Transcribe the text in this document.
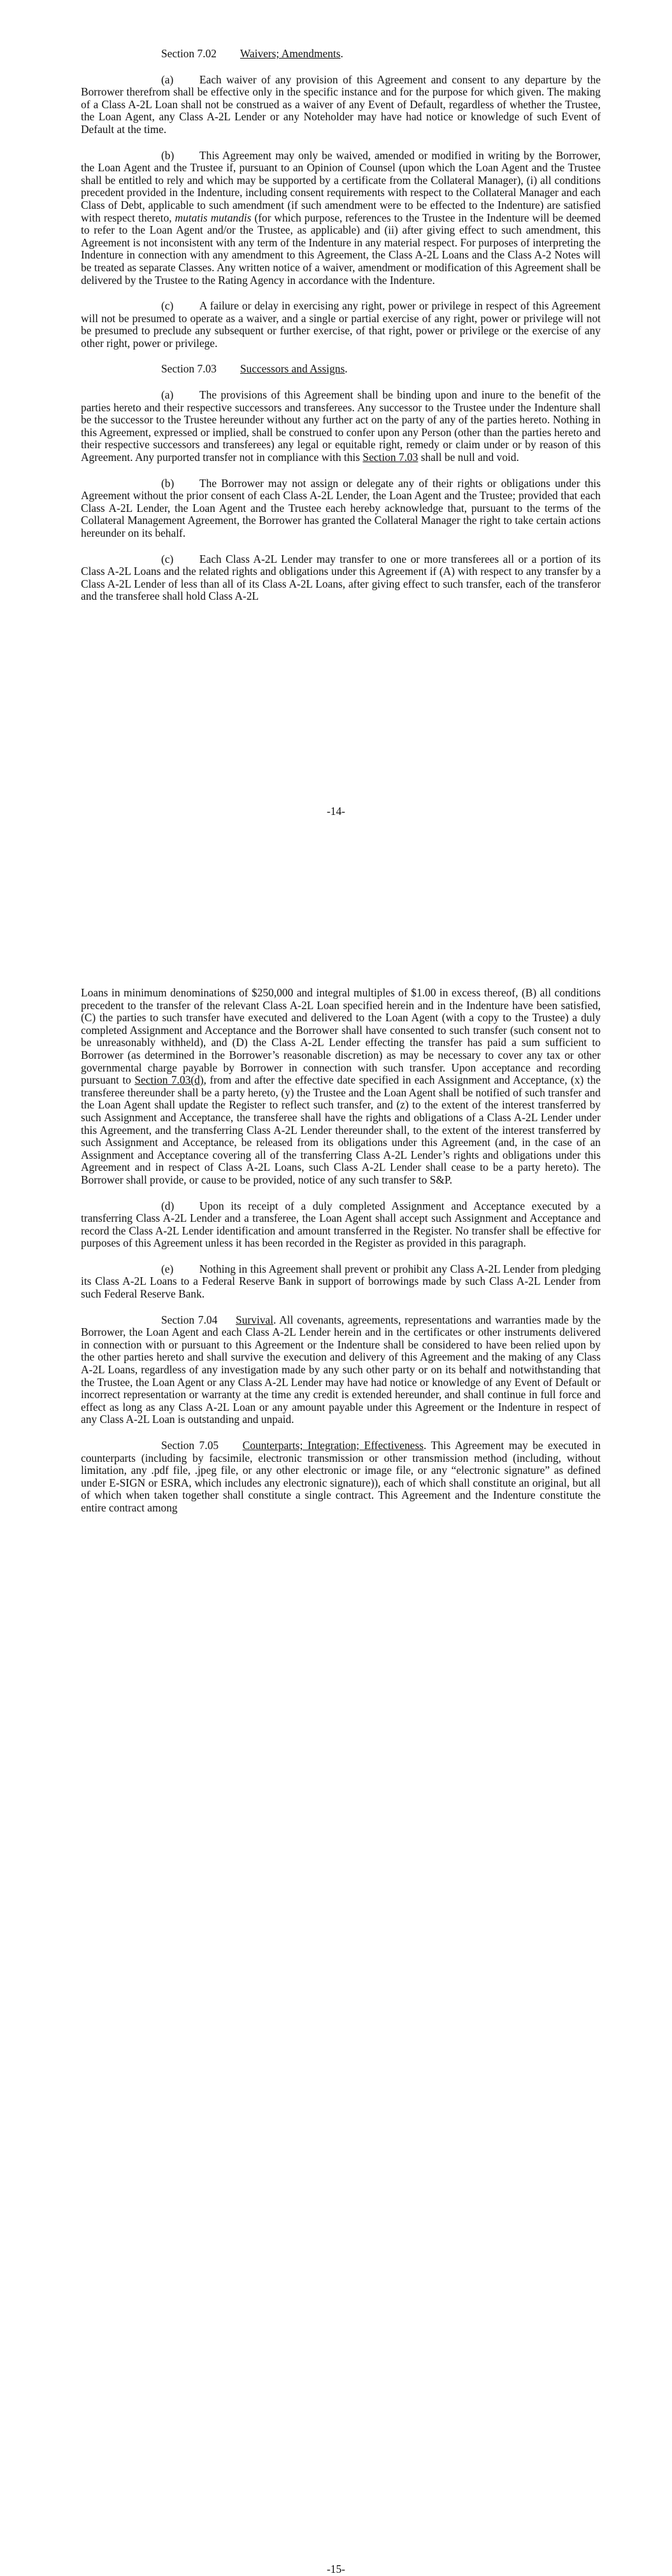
Section 7.02 Waivers; Amendments.

(a) Each waiver of any provision of this Agreement and consent to any departure by the Borrower therefrom shall be effective only in the specific instance and for the purpose for which given. The making of a Class A-2L Loan shall not be construed as a waiver of any Event of Default, regardless of whether the Trustee, the Loan Agent, any Class A-2L Lender or any Noteholder may have had notice or knowledge of such Event of Default at the time.

(b) This Agreement may only be waived, amended or modified in writing by the Borrower, the Loan Agent and the Trustee if, pursuant to an Opinion of Counsel (upon which the Loan Agent and the Trustee shall be entitled to rely and which may be supported by a certificate from the Collateral Manager), (i) all conditions precedent provided in the Indenture, including consent requirements with respect to the Collateral Manager and each Class of Debt, applicable to such amendment (if such amendment were to be effected to the Indenture) are satisfied with respect thereto, mutatis mutandis (for which purpose, references to the Trustee in the Indenture will be deemed to refer to the Loan Agent and/or the Trustee, as applicable) and (ii) after giving effect to such amendment, this Agreement is not inconsistent with any term of the Indenture in any material respect. For purposes of interpreting the Indenture in connection with any amendment to this Agreement, the Class A-2L Loans and the Class A-2 Notes will be treated as separate Classes. Any written notice of a waiver, amendment or modification of this Agreement shall be delivered by the Trustee to the Rating Agency in accordance with the Indenture.

(c) A failure or delay in exercising any right, power or privilege in respect of this Agreement will not be presumed to operate as a waiver, and a single or partial exercise of any right, power or privilege will not be presumed to preclude any subsequent or further exercise, of that right, power or privilege or the exercise of any other right, power or privilege.

Section 7.03 Successors and Assigns.

(a) The provisions of this Agreement shall be binding upon and inure to the benefit of the parties hereto and their respective successors and transferees. Any successor to the Trustee under the Indenture shall be the successor to the Trustee hereunder without any further act on the party of any of the parties hereto. Nothing in this Agreement, expressed or implied, shall be construed to confer upon any Person (other than the parties hereto and their respective successors and transferees) any legal or equitable right, remedy or claim under or by reason of this Agreement. Any purported transfer not in compliance with this Section 7.03 shall be null and void.

(b) The Borrower may not assign or delegate any of their rights or obligations under this Agreement without the prior consent of each Class A-2L Lender, the Loan Agent and the Trustee; provided that each Class A-2L Lender, the Loan Agent and the Trustee each hereby acknowledge that, pursuant to the terms of the Collateral Management Agreement, the Borrower has granted the Collateral Manager the right to take certain actions hereunder on its behalf.

(c) Each Class A-2L Lender may transfer to one or more transferees all or a portion of its Class A-2L Loans and the related rights and obligations under this Agreement if (A) with respect to any transfer by a Class A-2L Lender of less than all of its Class A-2L Loans, after giving effect to such transfer, each of the transferor and the transferee shall hold Class A-2L

-14-

Loans in minimum denominations of $250,000 and integral multiples of $1.00 in excess thereof, (B) all conditions precedent to the transfer of the relevant Class A-2L Loan specified herein and in the Indenture have been satisfied, (C) the parties to such transfer have executed and delivered to the Loan Agent (with a copy to the Trustee) a duly completed Assignment and Acceptance and the Borrower shall have consented to such transfer (such consent not to be unreasonably withheld), and (D) the Class A-2L Lender effecting the transfer has paid a sum sufficient to Borrower (as determined in the Borrower’s reasonable discretion) as may be necessary to cover any tax or other governmental charge payable by Borrower in connection with such transfer. Upon acceptance and recording pursuant to Section 7.03(d), from and after the effective date specified in each Assignment and Acceptance, (x) the transferee thereunder shall be a party hereto, (y) the Trustee and the Loan Agent shall be notified of such transfer and the Loan Agent shall update the Register to reflect such transfer, and (z) to the extent of the interest transferred by such Assignment and Acceptance, the transferee shall have the rights and obligations of a Class A-2L Lender under this Agreement, and the transferring Class A-2L Lender thereunder shall, to the extent of the interest transferred by such Assignment and Acceptance, be released from its obligations under this Agreement (and, in the case of an Assignment and Acceptance covering all of the transferring Class A-2L Lender’s rights and obligations under this Agreement and in respect of Class A-2L Loans, such Class A-2L Lender shall cease to be a party hereto). The Borrower shall provide, or cause to be provided, notice of any such transfer to S&P.

(d) Upon its receipt of a duly completed Assignment and Acceptance executed by a transferring Class A-2L Lender and a transferee, the Loan Agent shall accept such Assignment and Acceptance and record the Class A-2L Lender identification and amount transferred in the Register. No transfer shall be effective for purposes of this Agreement unless it has been recorded in the Register as provided in this paragraph.

(e) Nothing in this Agreement shall prevent or prohibit any Class A-2L Lender from pledging its Class A-2L Loans to a Federal Reserve Bank in support of borrowings made by such Class A-2L Lender from such Federal Reserve Bank.

Section 7.04 Survival. All covenants, agreements, representations and warranties made by the Borrower, the Loan Agent and each Class A-2L Lender herein and in the certificates or other instruments delivered in connection with or pursuant to this Agreement or the Indenture shall be considered to have been relied upon by the other parties hereto and shall survive the execution and delivery of this Agreement and the making of any Class A-2L Loans, regardless of any investigation made by any such other party or on its behalf and notwithstanding that the Trustee, the Loan Agent or any Class A-2L Lender may have had notice or knowledge of any Event of Default or incorrect representation or warranty at the time any credit is extended hereunder, and shall continue in full force and effect as long as any Class A-2L Loan or any amount payable under this Agreement or the Indenture in respect of any Class A-2L Loan is outstanding and unpaid.

Section 7.05 Counterparts; Integration; Effectiveness. This Agreement may be executed in counterparts (including by facsimile, electronic transmission or other transmission method (including, without limitation, any .pdf file, .jpeg file, or any other electronic or image file, or any “electronic signature” as defined under E-SIGN or ESRA, which includes any electronic signature)), each of which shall constitute an original, but all of which when taken together shall constitute a single contract. This Agreement and the Indenture constitute the entire contract among

-15-
